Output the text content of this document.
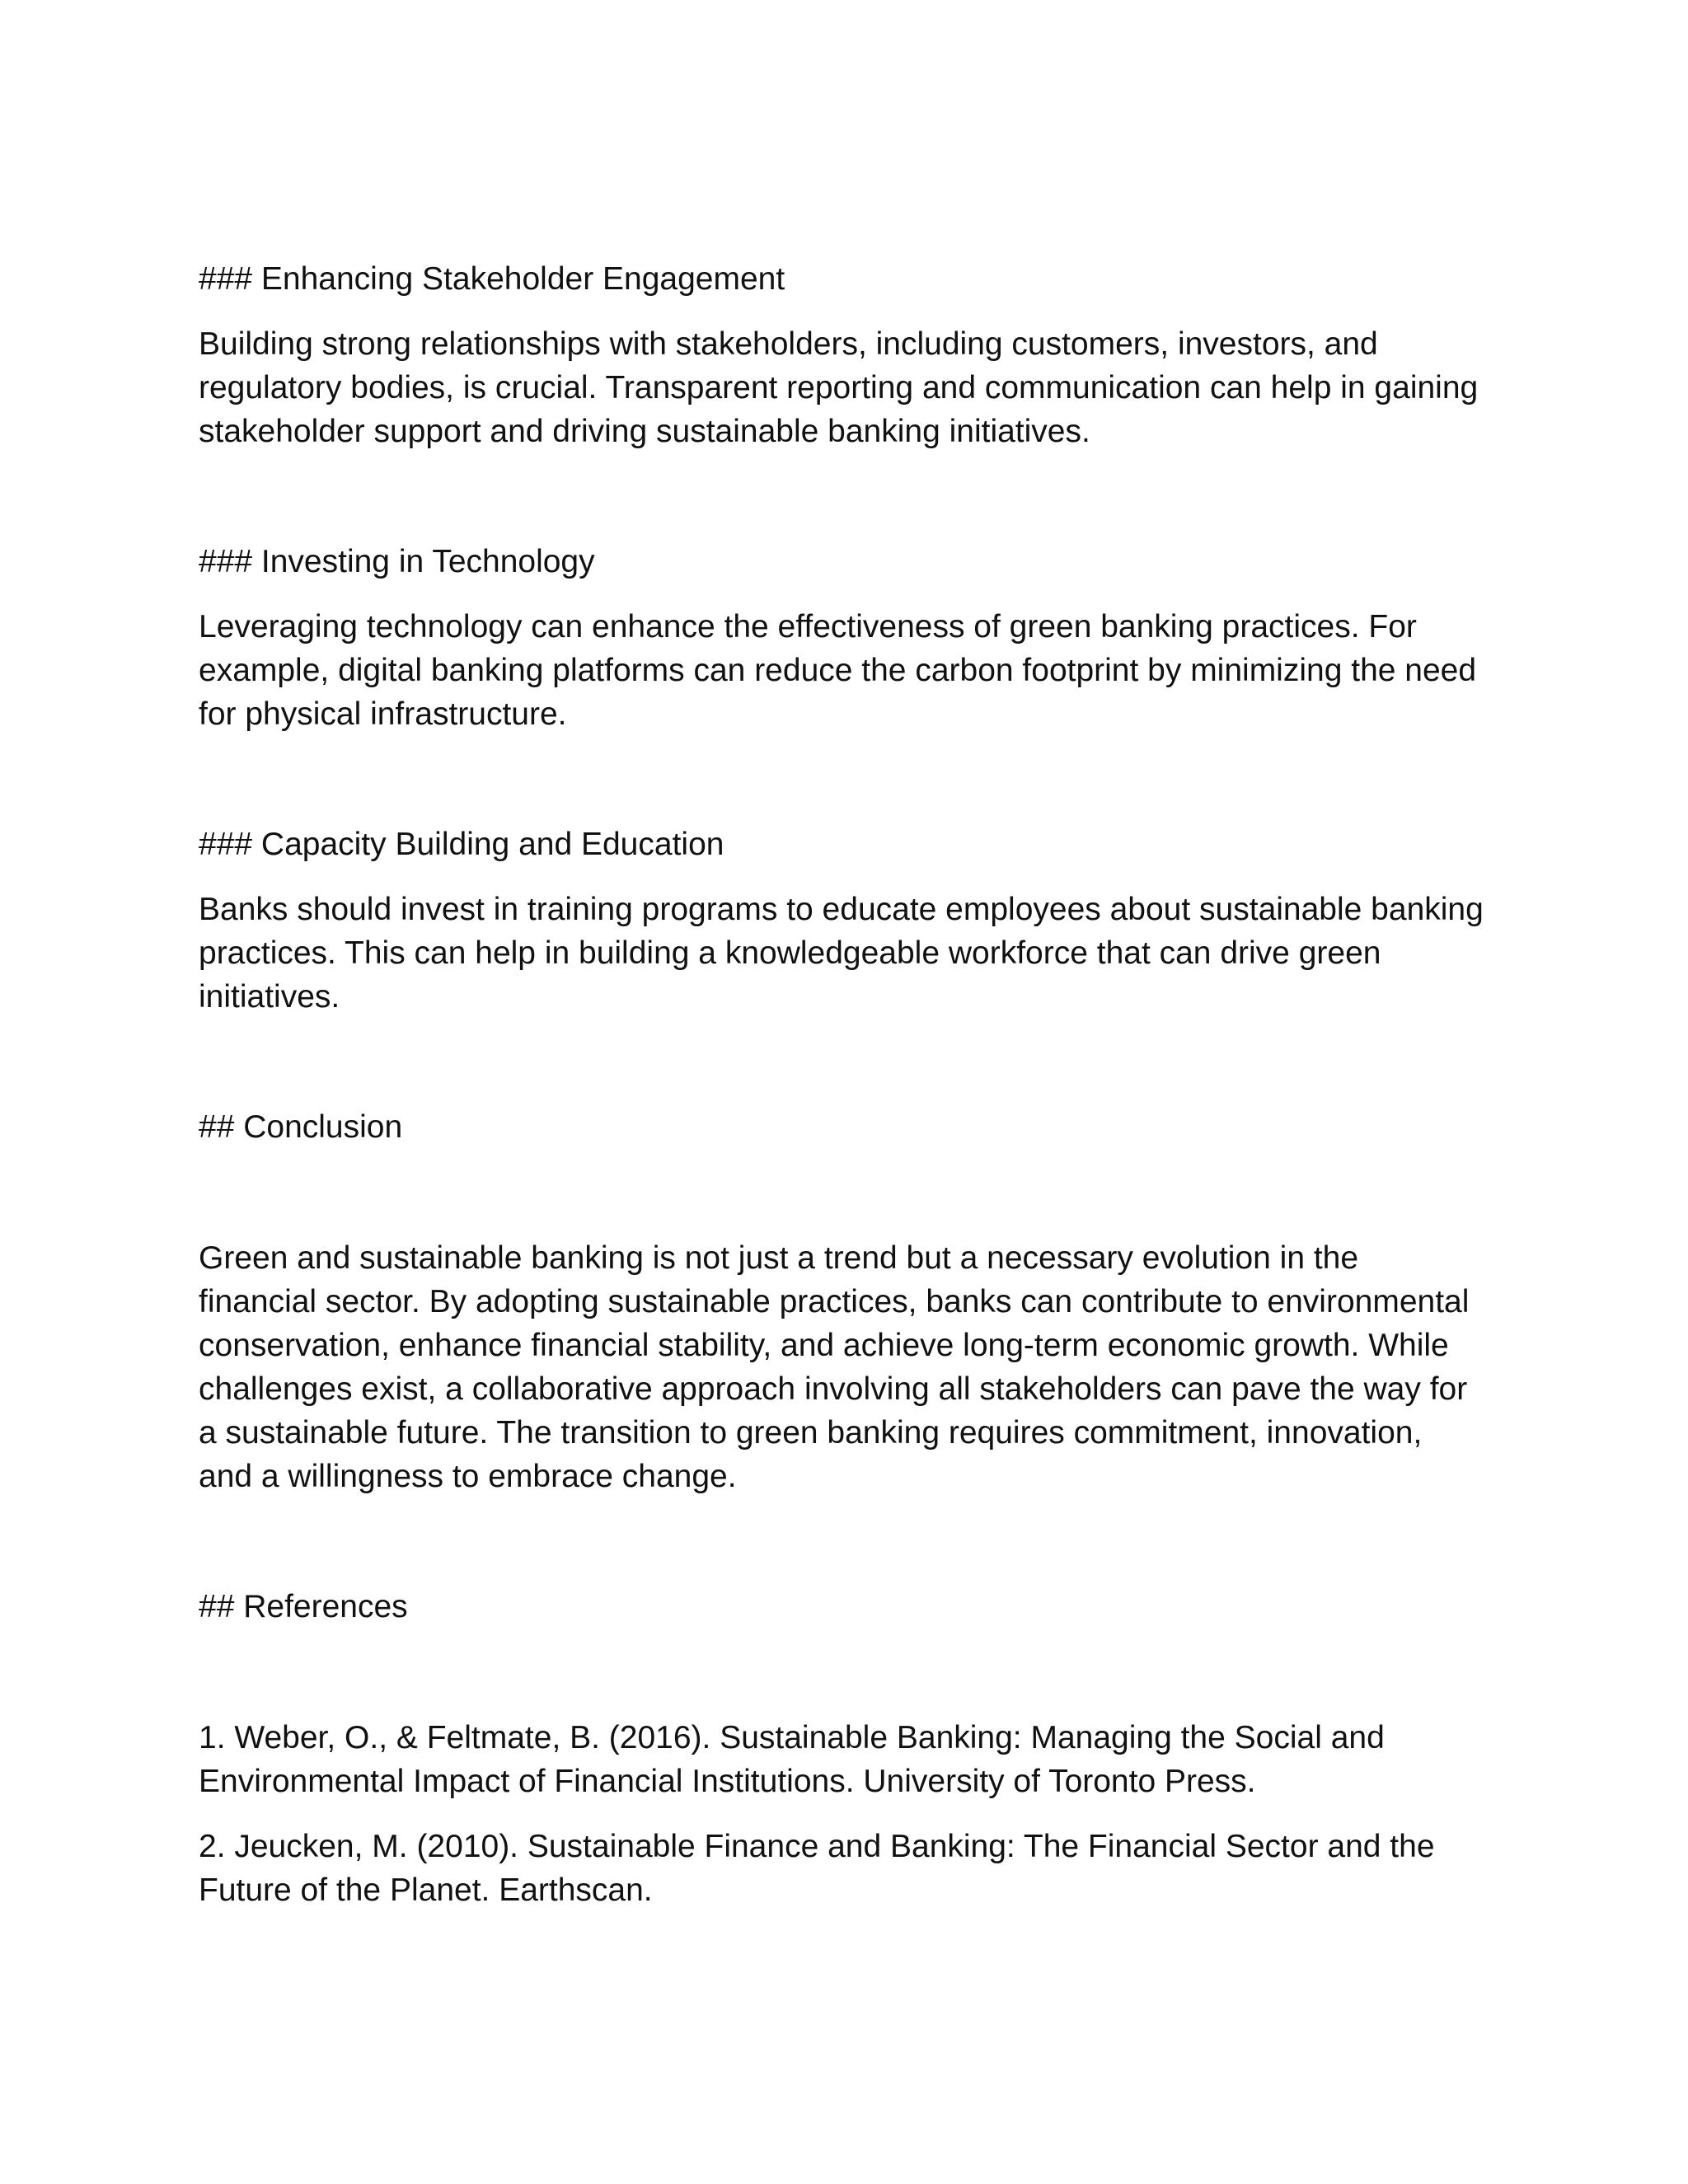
### Enhancing Stakeholder Engagement

Building strong relationships with stakeholders, including customers, investors, and regulatory bodies, is crucial. Transparent reporting and communication can help in gaining stakeholder support and driving sustainable banking initiatives.

### Investing in Technology

Leveraging technology can enhance the effectiveness of green banking practices. For example, digital banking platforms can reduce the carbon footprint by minimizing the need for physical infrastructure.

### Capacity Building and Education

Banks should invest in training programs to educate employees about sustainable banking practices. This can help in building a knowledgeable workforce that can drive green initiatives.

## Conclusion

Green and sustainable banking is not just a trend but a necessary evolution in the financial sector. By adopting sustainable practices, banks can contribute to environmental conservation, enhance financial stability, and achieve long-term economic growth. While challenges exist, a collaborative approach involving all stakeholders can pave the way for a sustainable future. The transition to green banking requires commitment, innovation, and a willingness to embrace change.

## References

1. Weber, O., & Feltmate, B. (2016). Sustainable Banking: Managing the Social and Environmental Impact of Financial Institutions. University of Toronto Press.

2. Jeucken, M. (2010). Sustainable Finance and Banking: The Financial Sector and the Future of the Planet. Earthscan.
